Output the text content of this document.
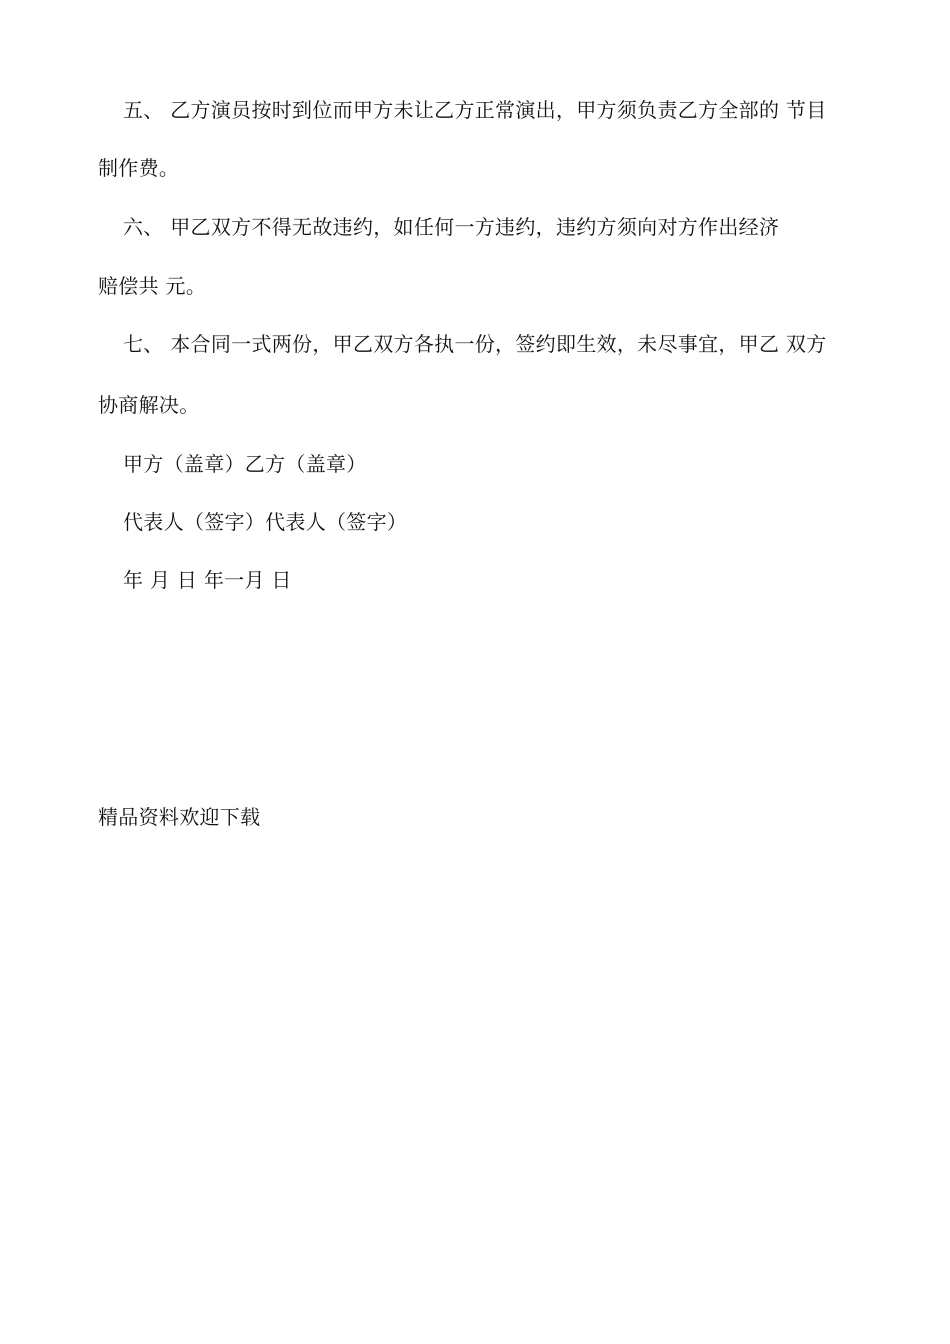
五、 乙方演员按时到位而甲方未让乙方正常演出，甲方须负责乙方全部的 节目
制作费。
六、 甲乙双方不得无故违约，如任何一方违约，违约方须向对方作出经济
赔偿共 元。
七、 本合同一式两份，甲乙双方各执一份，签约即生效，未尽事宜，甲乙 双方
协商解决。
甲方（盖章）乙方（盖章）
代表人（签字）代表人（签字）
年 月 日 年一月 日
精品资料欢迎下载
